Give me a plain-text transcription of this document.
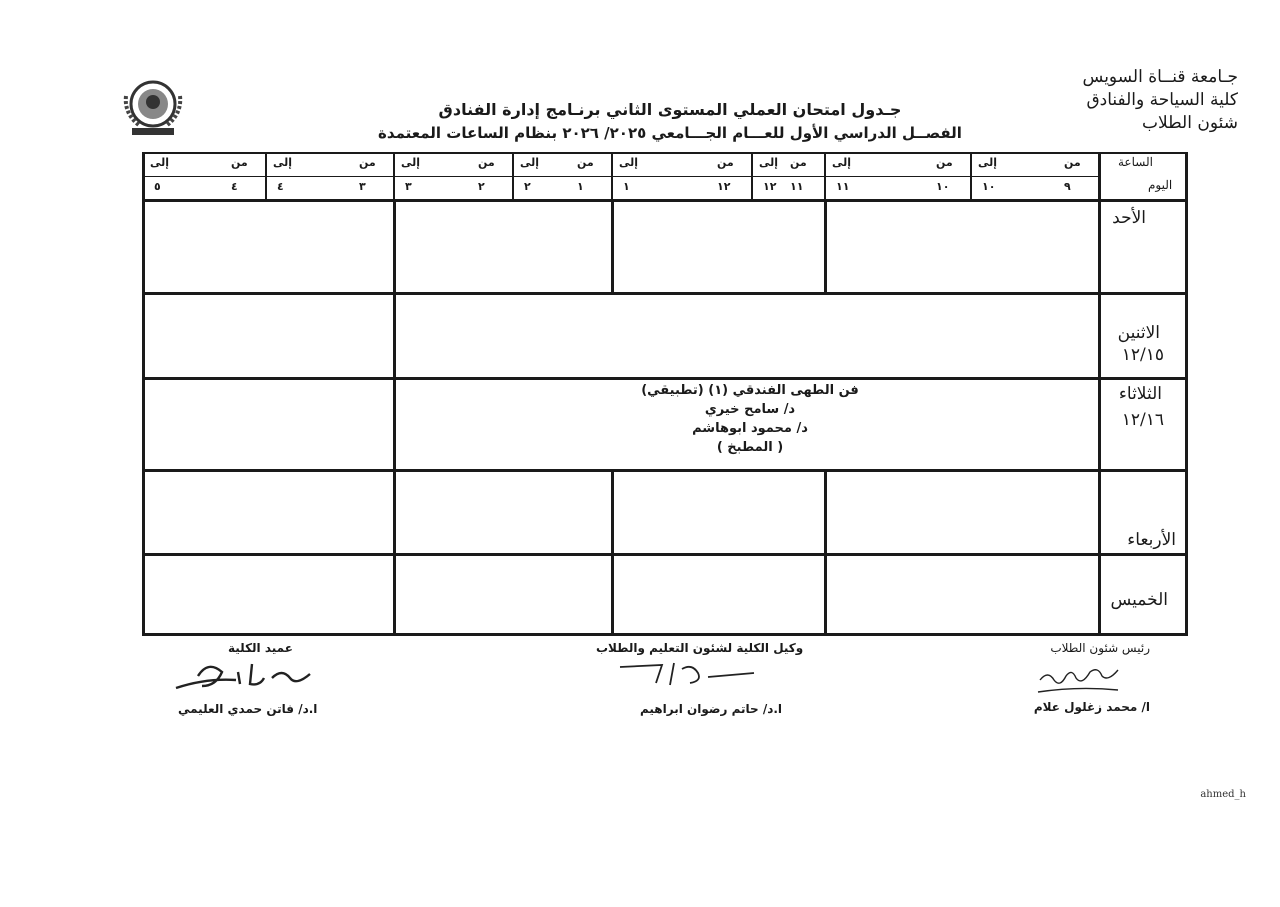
جـامعة قنــاة السويس
كلية السياحة والفنادق
شئون الطلاب
جـدول امتحان العملي المستوى الثاني برنـامج إدارة الفنادق
الفصــل الدراسي الأول للعـــام الجـــامعي ٢٠٢٥/ ٢٠٢٦ بنظام الساعات المعتمدة
الساعة
اليوم
من
إلى
٩
١٠
من
إلى
١٠
١١
من
إلى
١١
١٢
من
إلى
١٢
١
من
إلى
١
٢
من
إلى
٢
٣
من
إلى
٣
٤
من
إلى
٤
٥
الأحد
الاثنين
١٢/١٥
الثلاثاء
١٢/١٦
الأربعاء
الخميس
فن الطهى الفندقي (١) (تطبيقي)
د/ سامح خيري
د/ محمود ابوهاشم
( المطبخ )
رئيس شئون الطلاب
ا/ محمد زغلول علام
وكيل الكلية لشئون التعليم والطلاب
ا.د/ حاتم رضوان ابراهيم
عميد الكلية
ا.د/ فاتن حمدي العليمي
ahmed_h
